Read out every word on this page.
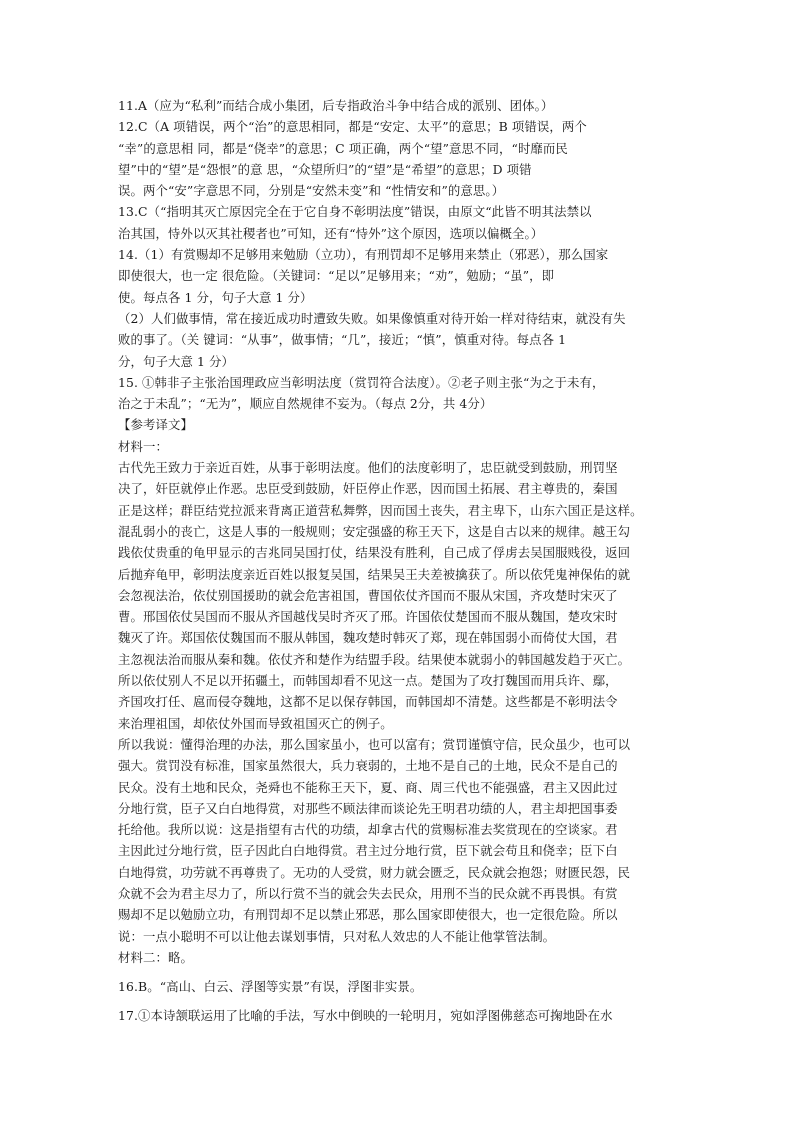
11.A（应为“私利”而结合成小集团，后专指政治斗争中结合成的派别、团体。）
12.C（A 项错误，两个“治”的意思相同，都是“安定、太平”的意思；B 项错误，两个
“幸”的意思相 同，都是“侥幸”的意思；C 项正确，两个“望”意思不同，“时靡而民
望”中的“望”是“怨恨”的意 思，“众望所归”的“望”是“希望”的意思；D 项错
误。两个“安”字意思不同，分别是“安然未变”和 “性情安和”的意思。）
13.C（“指明其灭亡原因完全在于它自身不彰明法度”错误，由原文“此皆不明其法禁以
治其国，恃外以灭其社稷者也”可知，还有“恃外”这个原因，选项以偏概全。）
14.（1）有赏赐却不足够用来勉励（立功），有刑罚却不足够用来禁止（邪恶），那么国家
即使很大，也一定 很危险。（关键词：“足以”足够用来；“劝”，勉励；“虽”，即
使。每点各 1 分，句子大意 1 分）
（2）人们做事情，常在接近成功时遭致失败。如果像慎重对待开始一样对待结束，就没有失
败的事了。（关 键词：“从事”，做事情；“几”，接近；“慎”，慎重对待。每点各 1
分，句子大意 1 分）
15. ①韩非子主张治国理政应当彰明法度（赏罚符合法度）。②老子则主张“为之于未有，
治之于未乱”；“无为”，顺应自然规律不妄为。（每点 2分，共 4分）
【参考译文】
材料一：
古代先王致力于亲近百姓，从事于彰明法度。他们的法度彰明了，忠臣就受到鼓励，刑罚坚
决了，奸臣就停止作恶。忠臣受到鼓励，奸臣停止作恶，因而国土拓展、君主尊贵的，秦国
正是这样；群臣结党拉派来背离正道营私舞弊，因而国土丧失，君主卑下，山东六国正是这样。
混乱弱小的丧亡，这是人事的一般规则；安定强盛的称王天下，这是自古以来的规律。越王勾
践依仗贵重的龟甲显示的吉兆同吴国打仗，结果没有胜利，自己成了俘虏去吴国服贱役，返回
后抛弃龟甲，彰明法度亲近百姓以报复吴国，结果吴王夫差被擒获了。所以依凭鬼神保佑的就
会忽视法治，依仗别国援助的就会危害祖国，曹国依仗齐国而不服从宋国，齐攻楚时宋灭了
曹。邢国依仗吴国而不服从齐国越伐吴时齐灭了邢。许国依仗楚国而不服从魏国，楚攻宋时
魏灭了许。郑国依仗魏国而不服从韩国，魏攻楚时韩灭了郑，现在韩国弱小而倚仗大国，君
主忽视法治而服从秦和魏。依仗齐和楚作为结盟手段。结果使本就弱小的韩国越发趋于灭亡。
所以依仗别人不足以开拓疆土，而韩国却看不见这一点。楚国为了攻打魏国而用兵许、鄢，
齐国攻打任、扈而侵夺魏地，这都不足以保存韩国，而韩国却不清楚。这些都是不彰明法令
来治理祖国，却依仗外国而导致祖国灭亡的例子。
所以我说：懂得治理的办法，那么国家虽小，也可以富有；赏罚谨慎守信，民众虽少，也可以
强大。赏罚没有标准，国家虽然很大，兵力衰弱的，土地不是自己的土地，民众不是自己的
民众。没有土地和民众，尧舜也不能称王天下，夏、商、周三代也不能强盛，君主又因此过
分地行赏，臣子又白白地得赏，对那些不顾法律而谈论先王明君功绩的人，君主却把国事委
托给他。我所以说：这是指望有古代的功绩，却拿古代的赏赐标准去奖赏现在的空谈家。君
主因此过分地行赏，臣子因此白白地得赏。君主过分地行赏，臣下就会苟且和侥幸；臣下白
白地得赏，功劳就不再尊贵了。无功的人受赏，财力就会匮乏，民众就会抱怨；财匮民怨，民
众就不会为君主尽力了，所以行赏不当的就会失去民众，用刑不当的民众就不再畏惧。有赏
赐却不足以勉励立功，有刑罚却不足以禁止邪恶，那么国家即使很大，也一定很危险。所以
说：一点小聪明不可以让他去谋划事情，只对私人效忠的人不能让他掌管法制。
材料二：略。
16.B。“高山、白云、浮图等实景”有误，浮图非实景。
17.①本诗颔联运用了比喻的手法，写水中倒映的一轮明月，宛如浮图佛慈态可掬地卧在水
